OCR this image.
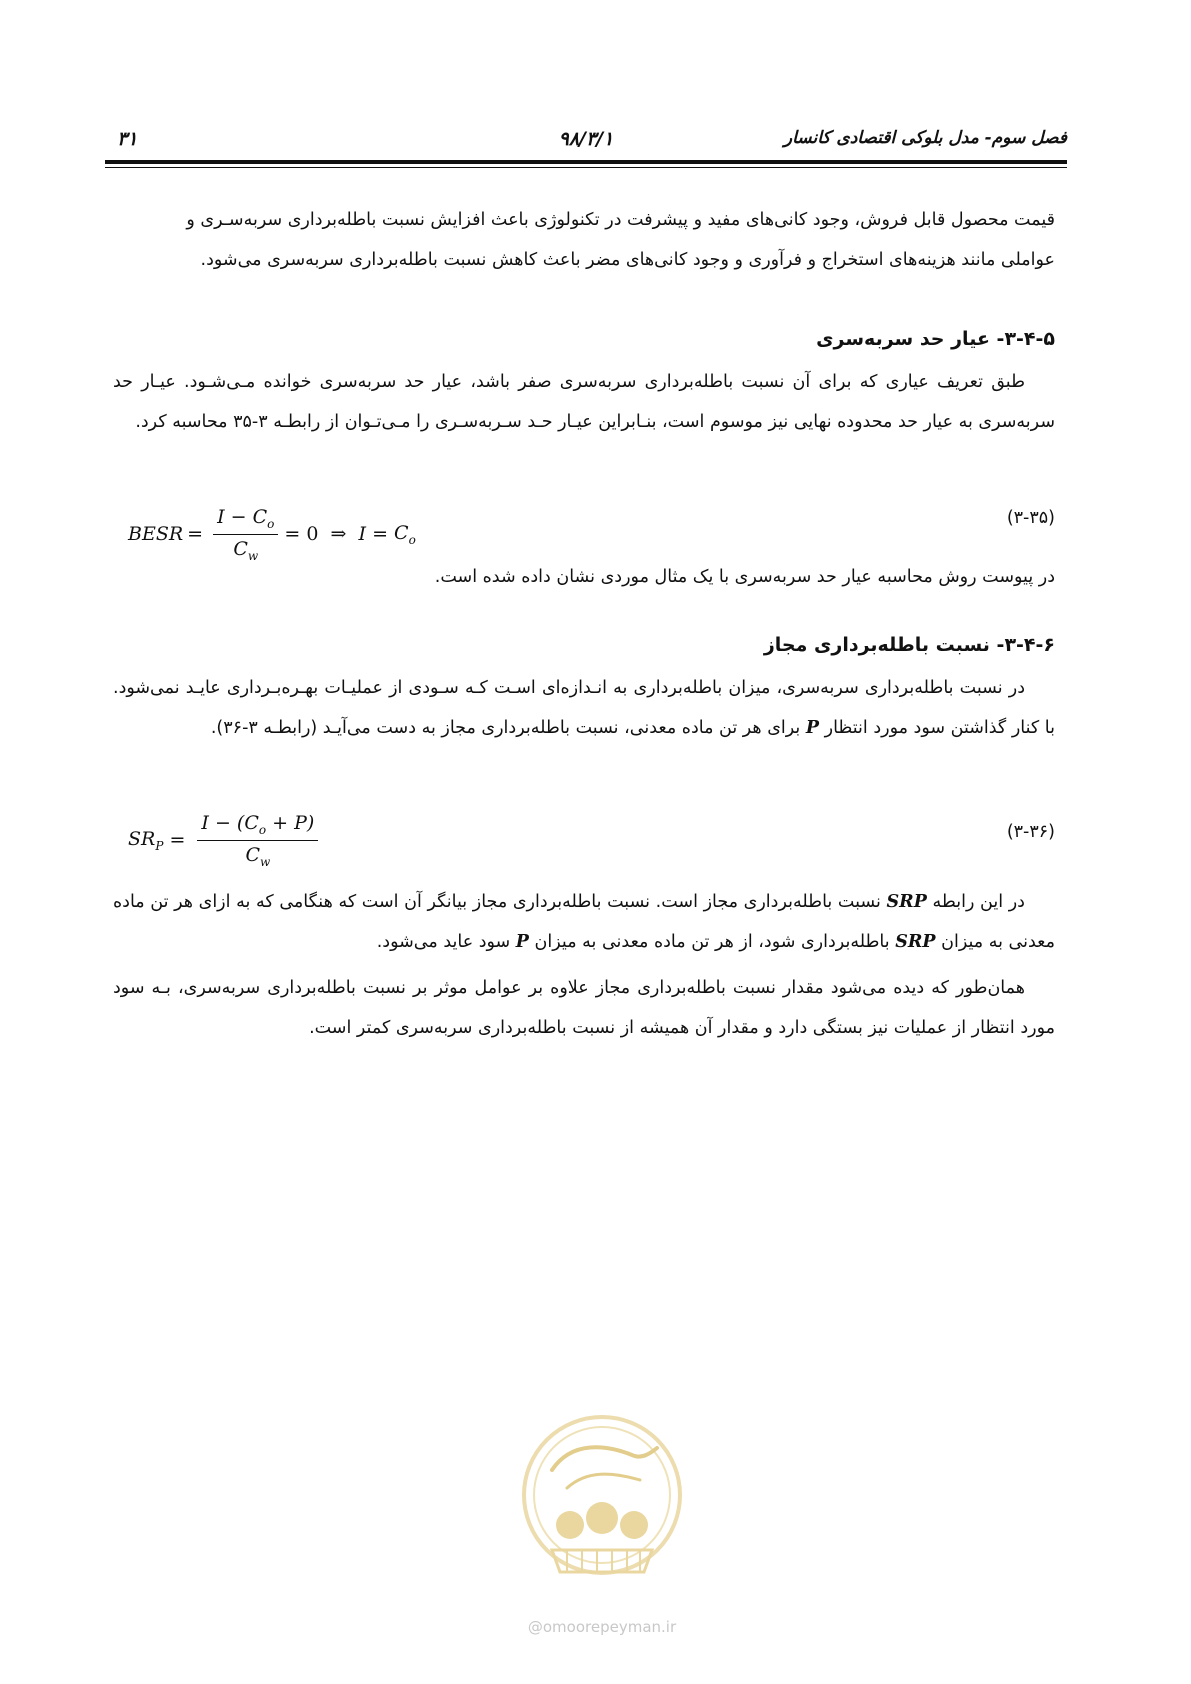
۳۱	۹۸/۳/۱	فصل سوم- مدل بلوکی اقتصادی کانسار

قیمت محصول قابل فروش، وجود کانی‌های مفید و پیشرفت در تکنولوژی باعث افزایش نسبت باطله‌برداری سربه‌سـری و
عواملی مانند هزینه‌های استخراج و فرآوری و وجود کانی‌های مضر باعث کاهش نسبت باطله‌برداری سربه‌سری می‌شود.

۳-۴-۵- عیار حد سربه‌سری

طبق تعریف عیاری که برای آن نسبت باطله‌برداری سربه‌سری صفر باشد، عیار حد سربه‌سری خوانده مـی‌شـود. عیـار حد سربه‌سری به عیار حد محدوده نهایی نیز موسوم است، بنـابراین عیـار حـد سـربه‌سـری را مـی‌تـوان از رابطـه ۳-۳۵ محاسبه کرد.

BESR = $\frac{I - C_o}{C_w} = 0$  ⇒ $I = C_o$
(۳-۳۵)

در پیوست روش محاسبه عیار حد سربه‌سری با یک مثال موردی نشان داده شده است.

۳-۴-۶- نسبت باطله‌برداری مجاز

در نسبت باطله‌برداری سربه‌سری، میزان باطله‌برداری به انـدازه‌ای اسـت کـه سـودی از عملیـات بهـره‌بـرداری عایـد نمی‌شود. با کنار گذاشتن سود مورد انتظار P برای هر تن ماده معدنی، نسبت باطله‌برداری مجاز به دست می‌آیـد (رابطـه ۳-۳۶).

$SR_P = \frac{I - (C_o + P)}{C_w}$	(۳-۳۶)

در این رابطه SRP نسبت باطله‌برداری مجاز است. نسبت باطله‌برداری مجاز بیانگر آن است که هنگامی که به ازای هر تن ماده معدنی به میزان SRP باطله‌برداری شود، از هر تن ماده معدنی به میزان P سود عاید می‌شود.

همان‌طور که دیده می‌شود مقدار نسبت باطله‌برداری مجاز علاوه بر عوامل موثر بر نسبت باطله‌برداری سربه‌سری، بـه سود مورد انتظار از عملیات نیز بستگی دارد و مقدار آن همیشه از نسبت باطله‌برداری سربه‌سری کمتر است.

@omoorepeyman.ir
